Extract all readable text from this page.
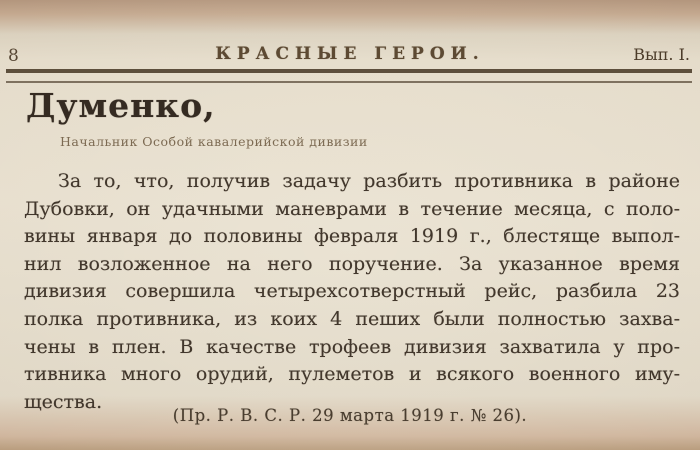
8	КРАСНЫЕ ГЕРОИ.	Вып. I.
Думенко,
Начальник Особой кавалерийской дивизии
За то, что, получив задачу разбить противника в районе
Дубовки, он удачными маневрами в течение месяца, с поло-
вины января до половины февраля 1919 г., блестяще выпол-
нил возложенное на него поручение. За указанное время
дивизия совершила четырехсотверстный рейс, разбила 23
полка противника, из коих 4 пеших были полностью захва-
чены в плен. В качестве трофеев дивизия захватила у про-
тивника много орудий, пулеметов и всякого военного иму-
щества.
(Пр. Р. В. С. Р. 29 марта 1919 г. № 26).
